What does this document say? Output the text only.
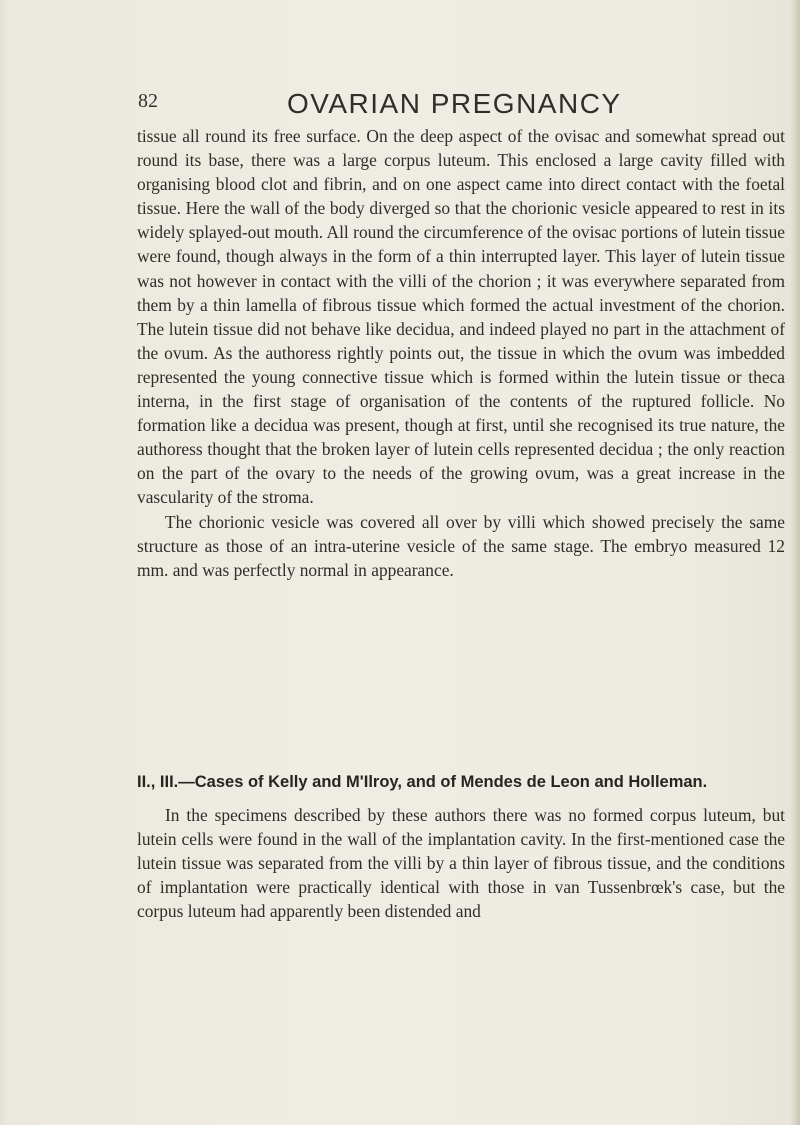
82	OVARIAN PREGNANCY

tissue all round its free surface. On the deep aspect of the ovisac and somewhat spread out round its base, there was a large corpus luteum. This enclosed a large cavity filled with organising blood clot and fibrin, and on one aspect came into direct contact with the foetal tissue. Here the wall of the body diverged so that the chorionic vesicle appeared to rest in its widely splayed-out mouth. All round the circumference of the ovisac portions of lutein tissue were found, though always in the form of a thin interrupted layer. This layer of lutein tissue was not however in contact with the villi of the chorion ; it was everywhere separated from them by a thin lamella of fibrous tissue which formed the actual investment of the chorion. The lutein tissue did not behave like decidua, and indeed played no part in the attachment of the ovum. As the authoress rightly points out, the tissue in which the ovum was imbedded represented the young connective tissue which is formed within the lutein tissue or theca interna, in the first stage of organisation of the contents of the ruptured follicle. No formation like a decidua was present, though at first, until she recognised its true nature, the authoress thought that the broken layer of lutein cells represented decidua ; the only reaction on the part of the ovary to the needs of the growing ovum, was a great increase in the vascularity of the stroma.

The chorionic vesicle was covered all over by villi which showed precisely the same structure as those of an intra-uterine vesicle of the same stage. The embryo measured 12 mm. and was perfectly normal in appearance.

II., III.—Cases of Kelly and M'Ilroy, and of Mendes de Leon and Holleman.

In the specimens described by these authors there was no formed corpus luteum, but lutein cells were found in the wall of the implantation cavity. In the first-mentioned case the lutein tissue was separated from the villi by a thin layer of fibrous tissue, and the conditions of implantation were practically identical with those in van Tussenbrœk's case, but the corpus luteum had apparently been distended and
